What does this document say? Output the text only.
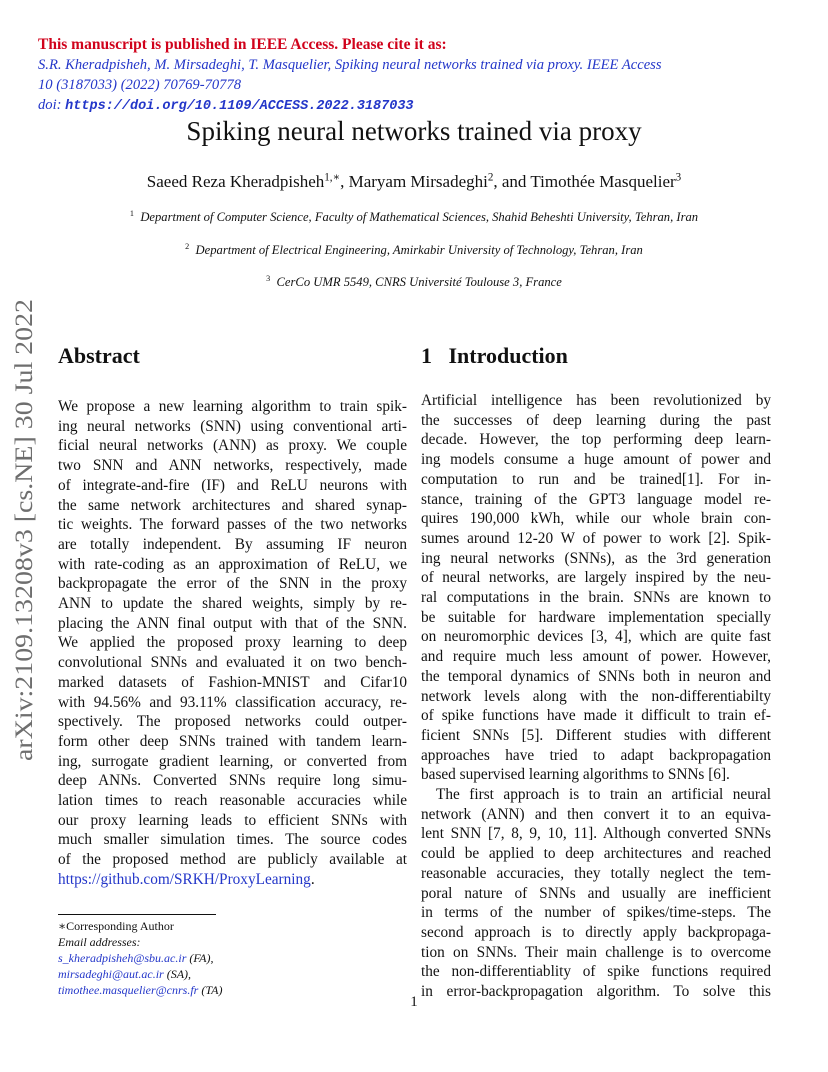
This manuscript is published in IEEE Access. Please cite it as:
S.R. Kheradpisheh, M. Mirsadeghi, T. Masquelier, Spiking neural networks trained via proxy. IEEE Access
10 (3187033) (2022) 70769-70778
doi: https://doi.org/10.1109/ACCESS.2022.3187033
Spiking neural networks trained via proxy
Saeed Reza Kheradpisheh$^{1,∗}$, Maryam Mirsadeghi$^2$, and Timothée Masquelier$^3$
$^1$ Department of Computer Science, Faculty of Mathematical Sciences, Shahid Beheshti University, Tehran, Iran
$^2$ Department of Electrical Engineering, Amirkabir University of Technology, Tehran, Iran
$^3$ CerCo UMR 5549, CNRS Université Toulouse 3, France
arXiv:2109.13208v3 [cs.NE] 30 Jul 2022 Abstract
We propose a new learning algorithm to train spik-
ing neural networks (SNN) using conventional arti-
ficial neural networks (ANN) as proxy. We couple
two SNN and ANN networks, respectively, made
of integrate-and-fire (IF) and ReLU neurons with
the same network architectures and shared synap-
tic weights. The forward passes of the two networks
are totally independent. By assuming IF neuron
with rate-coding as an approximation of ReLU, we
backpropagate the error of the SNN in the proxy
ANN to update the shared weights, simply by re-
placing the ANN final output with that of the SNN.
We applied the proposed proxy learning to deep
convolutional SNNs and evaluated it on two bench-
marked datasets of Fashion-MNIST and Cifar10
with 94.56% and 93.11% classification accuracy, re-
spectively. The proposed networks could outper-
form other deep SNNs trained with tandem learn-
ing, surrogate gradient learning, or converted from
deep ANNs. Converted SNNs require long simu-
lation times to reach reasonable accuracies while
our proxy learning leads to efficient SNNs with
much smaller simulation times. The source codes
of the proposed method are publicly available at
https://github.com/SRKH/ProxyLearning.
∗Corresponding Author
Email addresses:
s_kheradpisheh@sbu.ac.ir (FA),
mirsadeghi@aut.ac.ir (SA),
timothee.masquelier@cnrs.fr (TA)
1 Introduction
Artificial intelligence has been revolutionized by
the successes of deep learning during the past
decade. However, the top performing deep learn-
ing models consume a huge amount of power and
computation to run and be trained[1]. For in-
stance, training of the GPT3 language model re-
quires 190,000 kWh, while our whole brain con-
sumes around 12-20 W of power to work [2]. Spik-
ing neural networks (SNNs), as the 3rd generation
of neural networks, are largely inspired by the neu-
ral computations in the brain. SNNs are known to
be suitable for hardware implementation specially
on neuromorphic devices [3, 4], which are quite fast
and require much less amount of power. However,
the temporal dynamics of SNNs both in neuron and
network levels along with the non-differentiabilty
of spike functions have made it difficult to train ef-
ficient SNNs [5]. Different studies with different
approaches have tried to adapt backpropagation
based supervised learning algorithms to SNNs [6].
The first approach is to train an artificial neural
network (ANN) and then convert it to an equiva-
lent SNN [7, 8, 9, 10, 11]. Although converted SNNs
could be applied to deep architectures and reached
reasonable accuracies, they totally neglect the tem-
poral nature of SNNs and usually are inefficient
in terms of the number of spikes/time-steps. The
second approach is to directly apply backpropaga-
tion on SNNs. Their main challenge is to overcome
the non-differentiablity of spike functions required
in error-backpropagation algorithm. To solve this
1
